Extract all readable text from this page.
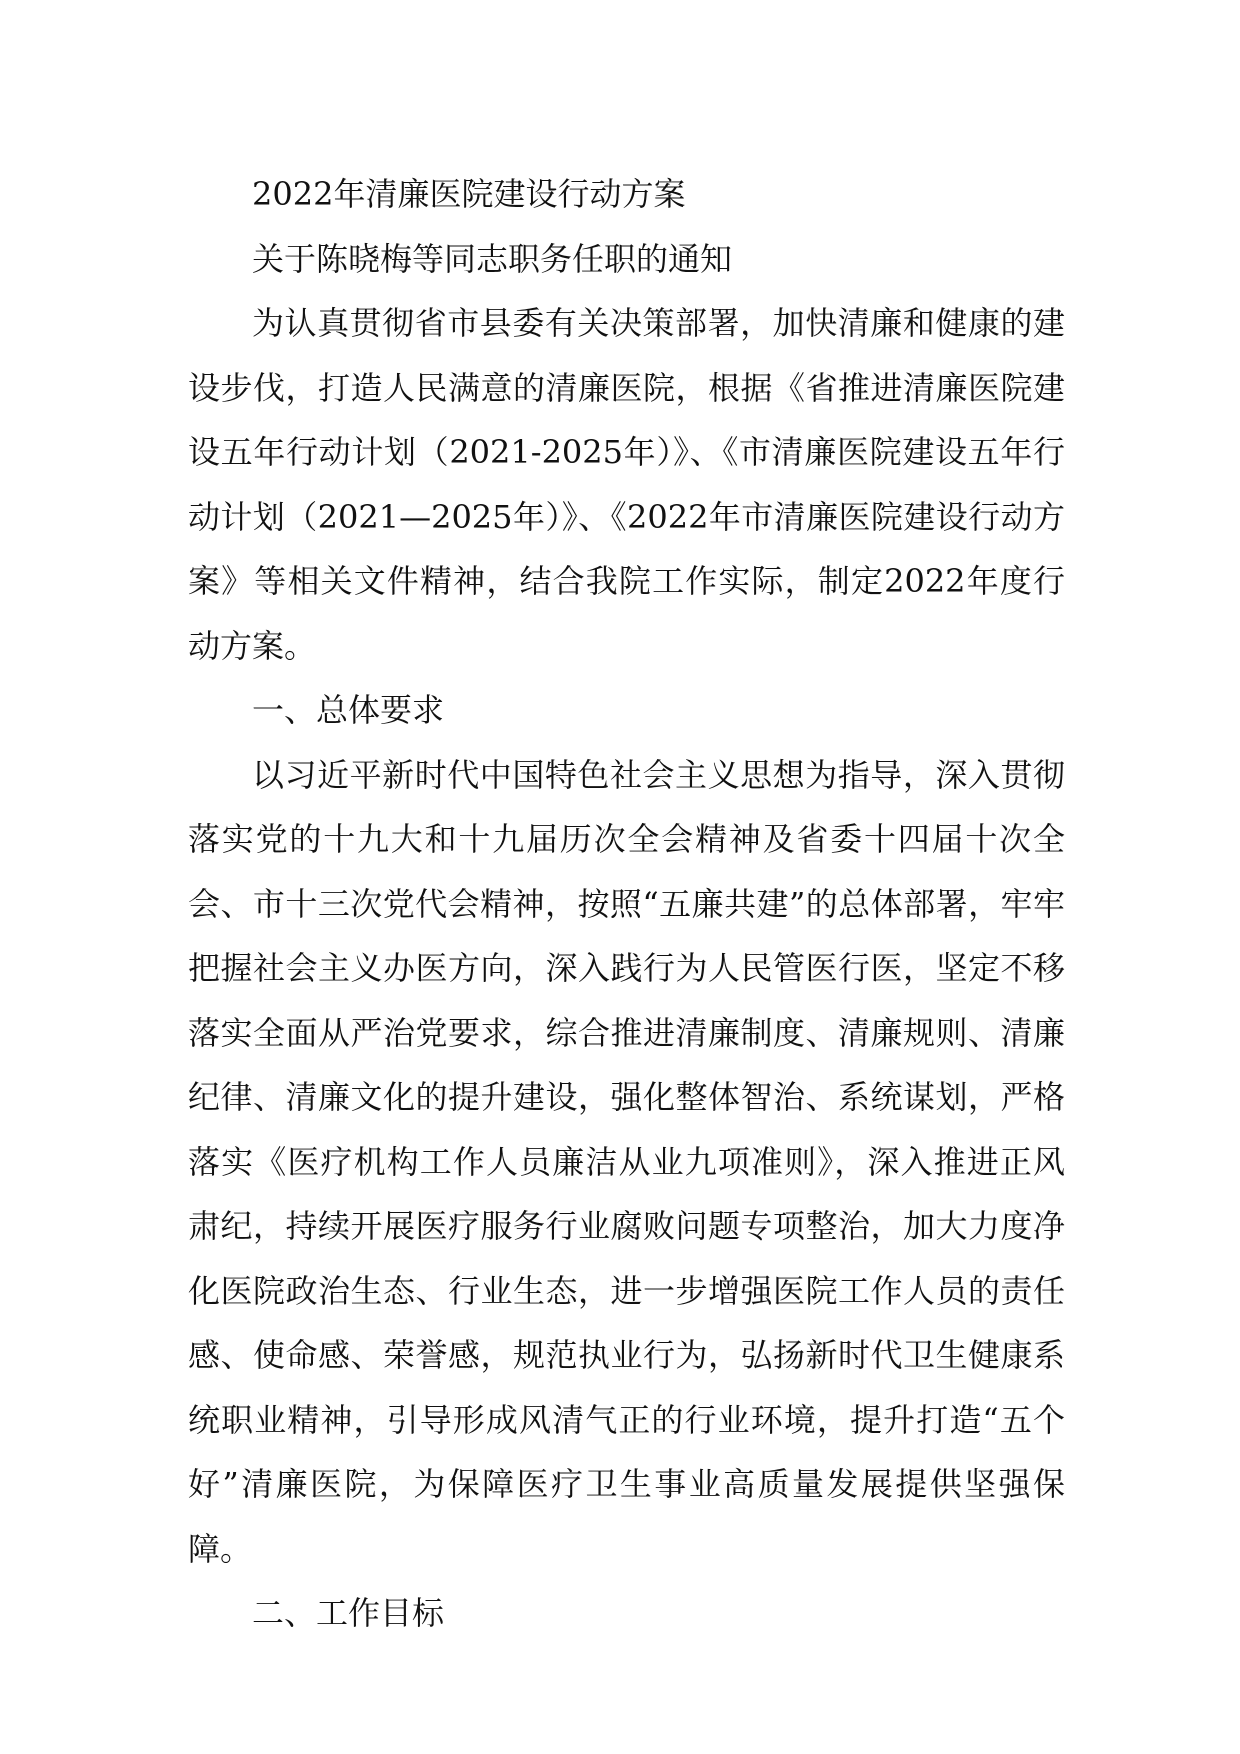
2022年清廉医院建设行动方案

关于陈晓梅等同志职务任职的通知

为认真贯彻省市县委有关决策部署，加快清廉和健康的建设步伐，打造人民满意的清廉医院，根据《省推进清廉医院建设五年行动计划（2021-2025年）》、《市清廉医院建设五年行动计划（2021—2025年）》、《2022年市清廉医院建设行动方案》等相关文件精神，结合我院工作实际，制定2022年度行动方案。

一、总体要求

以习近平新时代中国特色社会主义思想为指导，深入贯彻落实党的十九大和十九届历次全会精神及省委十四届十次全会、市十三次党代会精神，按照“五廉共建”的总体部署，牢牢把握社会主义办医方向，深入践行为人民管医行医，坚定不移落实全面从严治党要求，综合推进清廉制度、清廉规则、清廉纪律、清廉文化的提升建设，强化整体智治、系统谋划，严格落实《医疗机构工作人员廉洁从业九项准则》，深入推进正风肃纪，持续开展医疗服务行业腐败问题专项整治，加大力度净化医院政治生态、行业生态，进一步增强医院工作人员的责任感、使命感、荣誉感，规范执业行为，弘扬新时代卫生健康系统职业精神，引导形成风清气正的行业环境，提升打造“五个好”清廉医院，为保障医疗卫生事业高质量发展提供坚强保障。

二、工作目标
